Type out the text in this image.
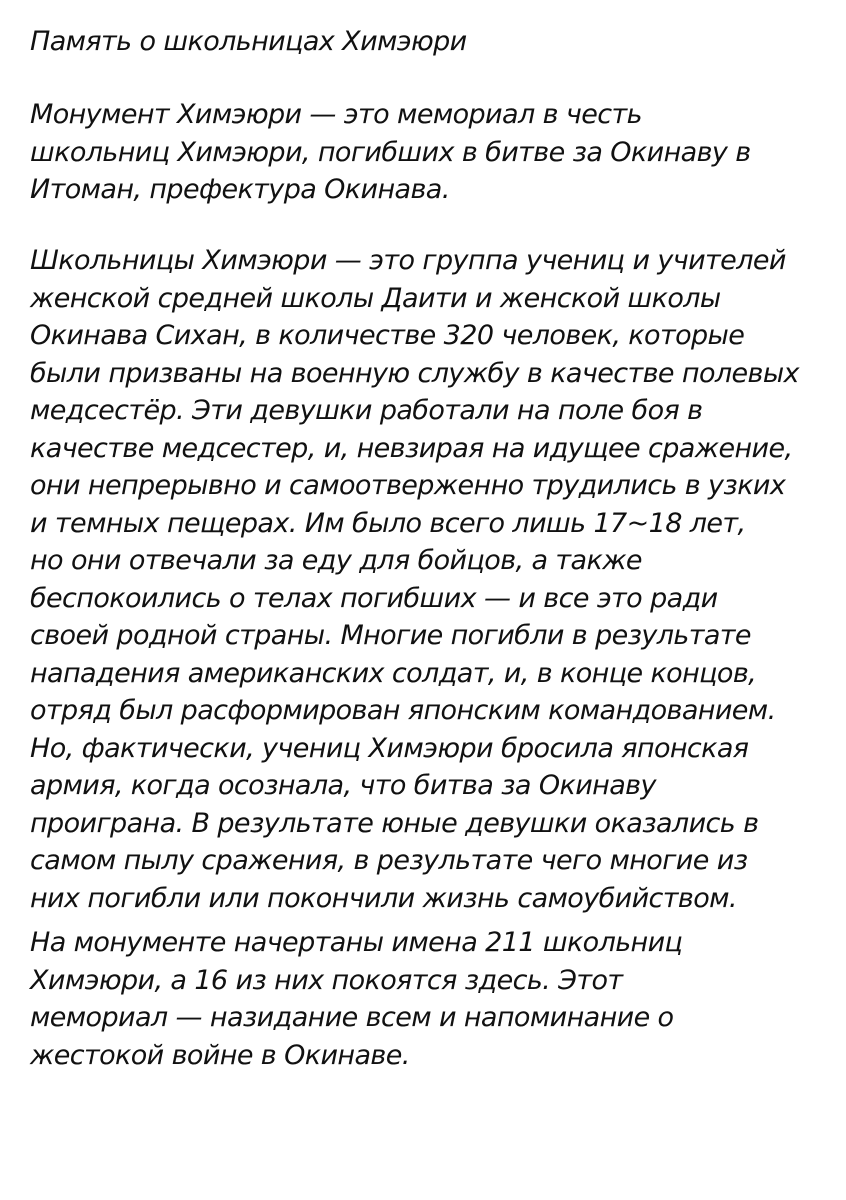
Память о школьницах Химэюри

Монумент Химэюри — это мемориал в честь
школьниц Химэюри, погибших в битве за Окинаву в
Итоман, префектура Окинава.

Школьницы Химэюри — это группа учениц и учителей
женской средней школы Даити и женской школы
Окинава Сихан, в количестве 320 человек, которые
были призваны на военную службу в качестве полевых
медсестёр. Эти девушки работали на поле боя в
качестве медсестер, и, невзирая на идущее сражение,
они непрерывно и самоотверженно трудились в узких
и темных пещерах. Им было всего лишь 17~18 лет,
но они отвечали за еду для бойцов, а также
беспокоились о телах погибших — и все это ради
своей родной страны. Многие погибли в результате
нападения американских солдат, и, в конце концов,
отряд был расформирован японским командованием.
Но, фактически, учениц Химэюри бросила японская
армия, когда осознала, что битва за Окинаву
проиграна. В результате юные девушки оказались в
самом пылу сражения, в результате чего многие из
них погибли или покончили жизнь самоубийством.

На монументе начертаны имена 211 школьниц
Химэюри, а 16 из них покоятся здесь. Этот
мемориал — назидание всем и напоминание о
жестокой войне в Окинаве.
